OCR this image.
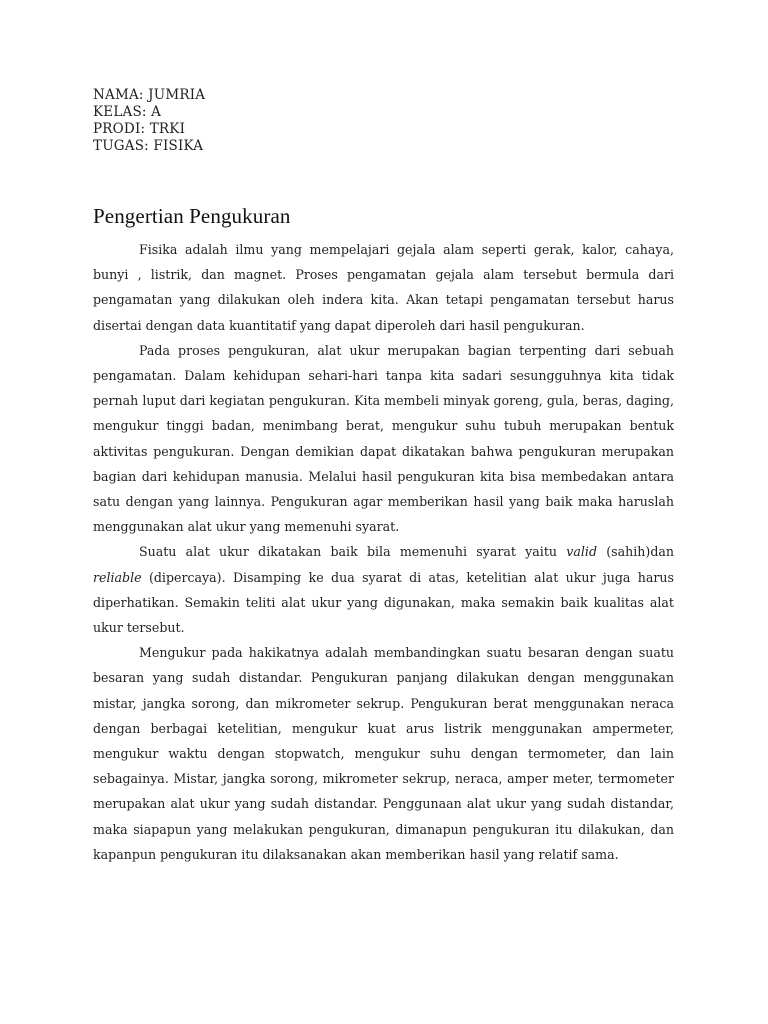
NAMA: JUMRIA
KELAS: A
PRODI: TRKI
TUGAS: FISIKA
Pengertian Pengukuran

Fisika adalah ilmu yang mempelajari gejala alam seperti gerak, kalor, cahaya, bunyi , listrik, dan magnet. Proses pengamatan gejala alam tersebut bermula dari pengamatan yang dilakukan oleh indera kita. Akan tetapi pengamatan tersebut harus disertai dengan data kuantitatif yang dapat diperoleh dari hasil pengukuran.

Pada proses pengukuran, alat ukur merupakan bagian terpenting dari sebuah pengamatan. Dalam kehidupan sehari-hari tanpa kita sadari sesungguhnya kita tidak pernah luput dari kegiatan pengukuran. Kita membeli minyak goreng, gula, beras, daging, mengukur tinggi badan, menimbang berat, mengukur suhu tubuh merupakan bentuk aktivitas pengukuran. Dengan demikian dapat dikatakan bahwa pengukuran merupakan bagian dari kehidupan manusia. Melalui hasil pengukuran kita bisa membedakan antara satu dengan yang lainnya. Pengukuran agar memberikan hasil yang baik maka haruslah menggunakan alat ukur yang memenuhi syarat.

Suatu alat ukur dikatakan baik bila memenuhi syarat yaitu valid (sahih)dan reliable (dipercaya). Disamping ke dua syarat di atas, ketelitian alat ukur juga harus diperhatikan. Semakin teliti alat ukur yang digunakan, maka semakin baik kualitas alat ukur tersebut.

Mengukur pada hakikatnya adalah membandingkan suatu besaran dengan suatu besaran yang sudah distandar. Pengukuran panjang dilakukan dengan menggunakan mistar, jangka sorong, dan mikrometer sekrup. Pengukuran berat menggunakan neraca dengan berbagai ketelitian, mengukur kuat arus listrik menggunakan ampermeter, mengukur waktu dengan stopwatch, mengukur suhu dengan termometer, dan lain sebagainya. Mistar, jangka sorong, mikrometer sekrup, neraca, amper meter, termometer merupakan alat ukur yang sudah distandar. Penggunaan alat ukur yang sudah distandar, maka siapapun yang melakukan pengukuran, dimanapun pengukuran itu dilakukan, dan kapanpun pengukuran itu dilaksanakan akan memberikan hasil yang relatif sama.
